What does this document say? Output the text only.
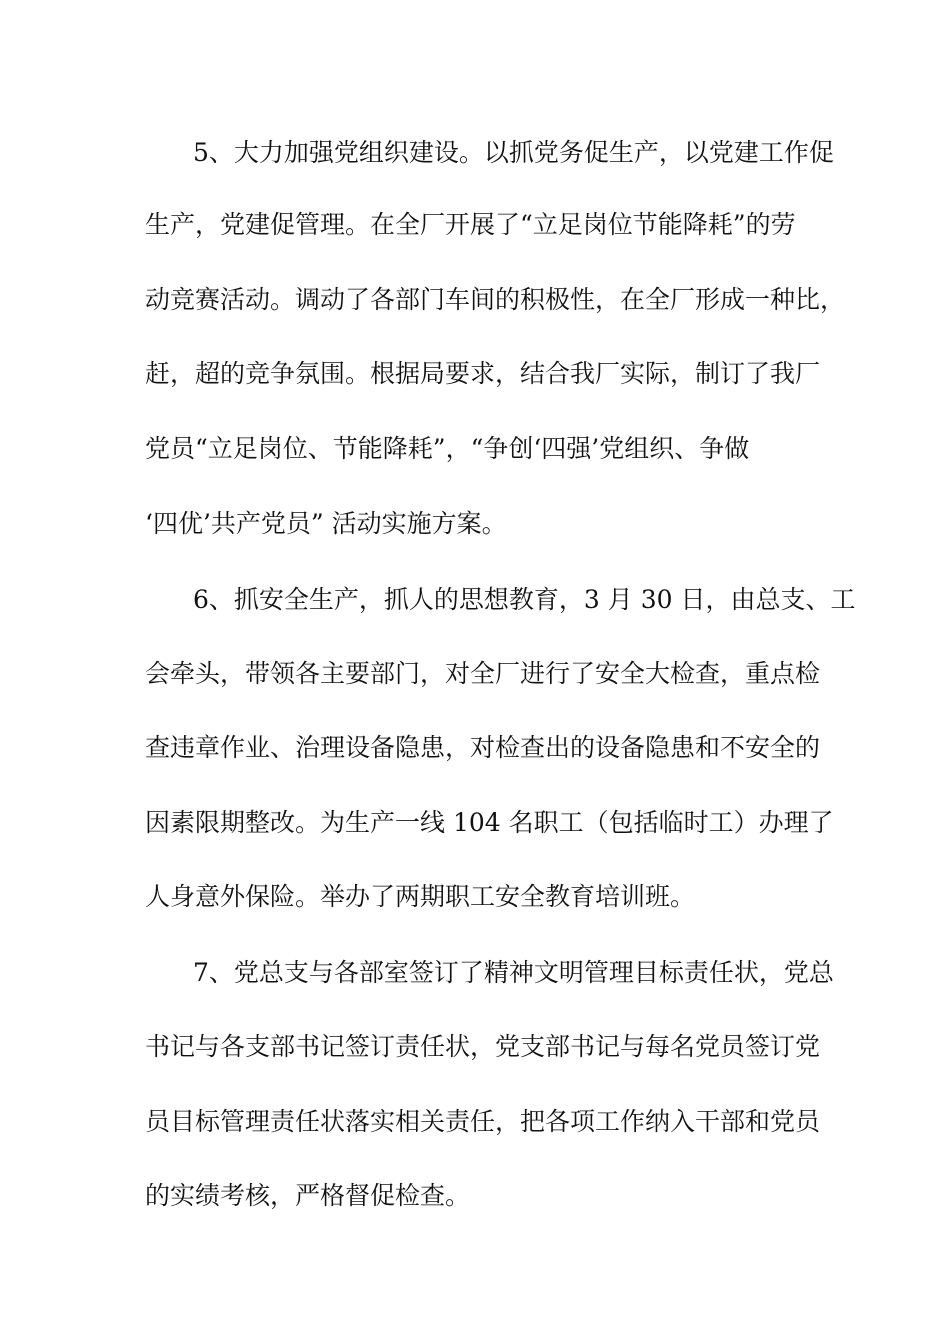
5、大力加强党组织建设。以抓党务促生产，以党建工作促
生产，党建促管理。在全厂开展了“立足岗位节能降耗”的劳
动竞赛活动。调动了各部门车间的积极性，在全厂形成一种比，
赶，超的竞争氛围。根据局要求，结合我厂实际，制订了我厂
党员“立足岗位、节能降耗”，“争创‘四强’党组织、争做
‘四优’共产党员” 活动实施方案。
6、抓安全生产，抓人的思想教育，3 月 30 日，由总支、工
会牵头，带领各主要部门，对全厂进行了安全大检查，重点检
查违章作业、治理设备隐患，对检查出的设备隐患和不安全的
因素限期整改。为生产一线 104 名职工（包括临时工）办理了
人身意外保险。举办了两期职工安全教育培训班。
7、党总支与各部室签订了精神文明管理目标责任状，党总
书记与各支部书记签订责任状，党支部书记与每名党员签订党
员目标管理责任状落实相关责任，把各项工作纳入干部和党员
的实绩考核，严格督促检查。
